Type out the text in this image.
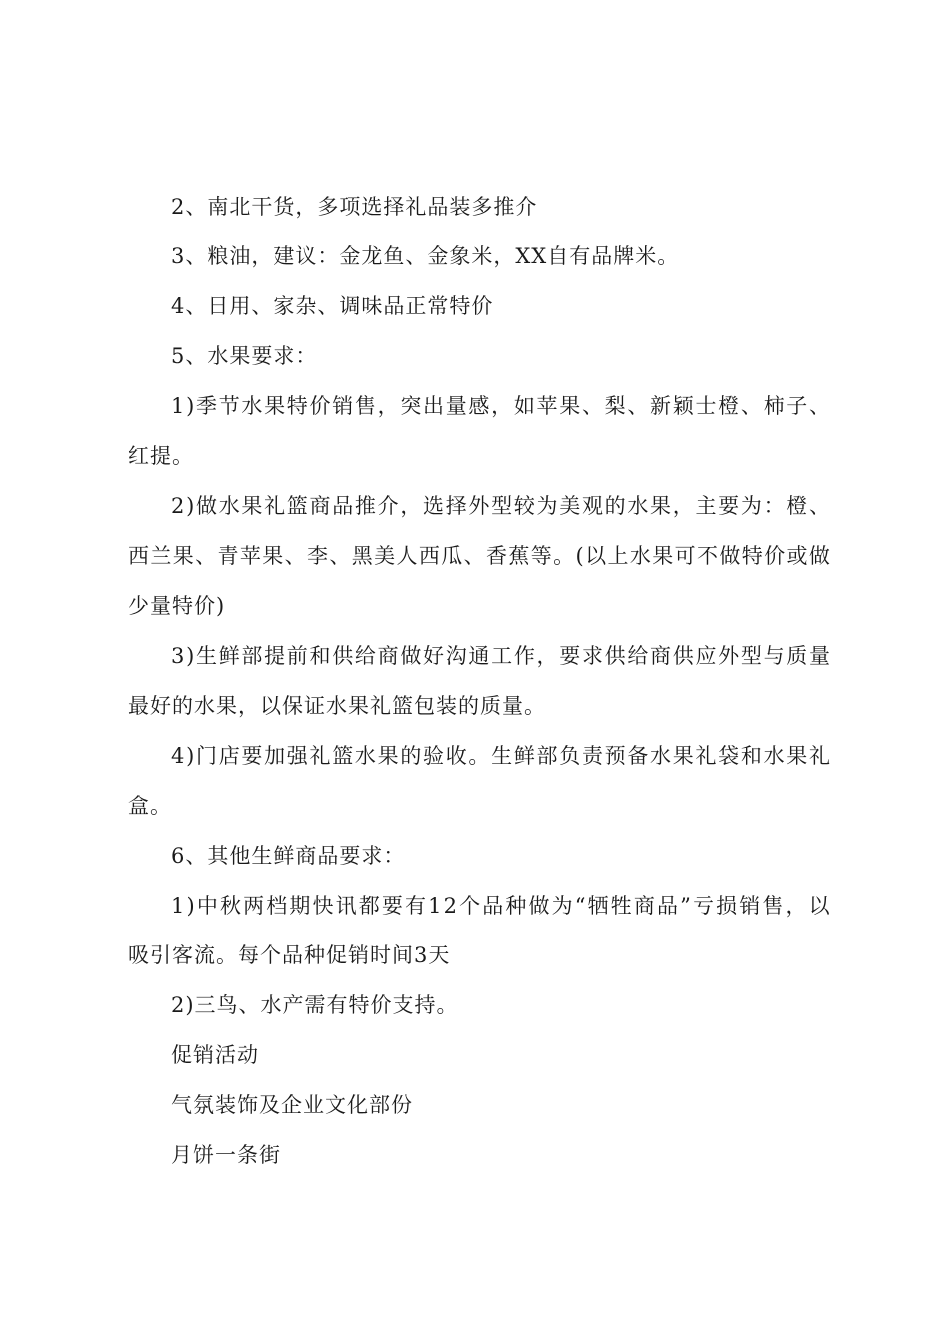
2、南北干货，多项选择礼品装多推介
3、粮油，建议：金龙鱼、金象米，XX自有品牌米。
4、日用、家杂、调味品正常特价
5、水果要求：
1 ) 季 节 水 果 特 价 销 售 ， 突 出 量 感 ， 如 苹 果 、 梨 、 新 颖 士 橙 、 柿 子 、
红提。
2 ) 做 水 果 礼 篮 商 品 推 介 ， 选 择 外 型 较 为 美 观 的 水 果 ， 主 要 为 ： 橙 、
西 兰 果 、 青 苹 果 、 李 、 黑 美 人 西 瓜 、 香 蕉 等 。 ( 以 上 水 果 可 不 做 特 价 或 做
少量特价)
3 ) 生 鲜 部 提 前 和 供 给 商 做 好 沟 通 工 作 ， 要 求 供 给 商 供 应 外 型 与 质 量
最好的水果，以保证水果礼篮包装的质量。
4 ) 门 店 要 加 强 礼 篮 水 果 的 验 收 。 生 鲜 部 负 责 预 备 水 果 礼 袋 和 水 果 礼
盒。
6、其他生鲜商品要求：
1 ) 中 秋 两 档 期 快 讯 都 要 有 1 2 个 品 种 做 为 “ 牺 牲 商 品 ” 亏 损 销 售 ， 以
吸引客流。每个品种促销时间3天
2)三鸟、水产需有特价支持。
促销活动
气氛装饰及企业文化部份
月饼一条街
